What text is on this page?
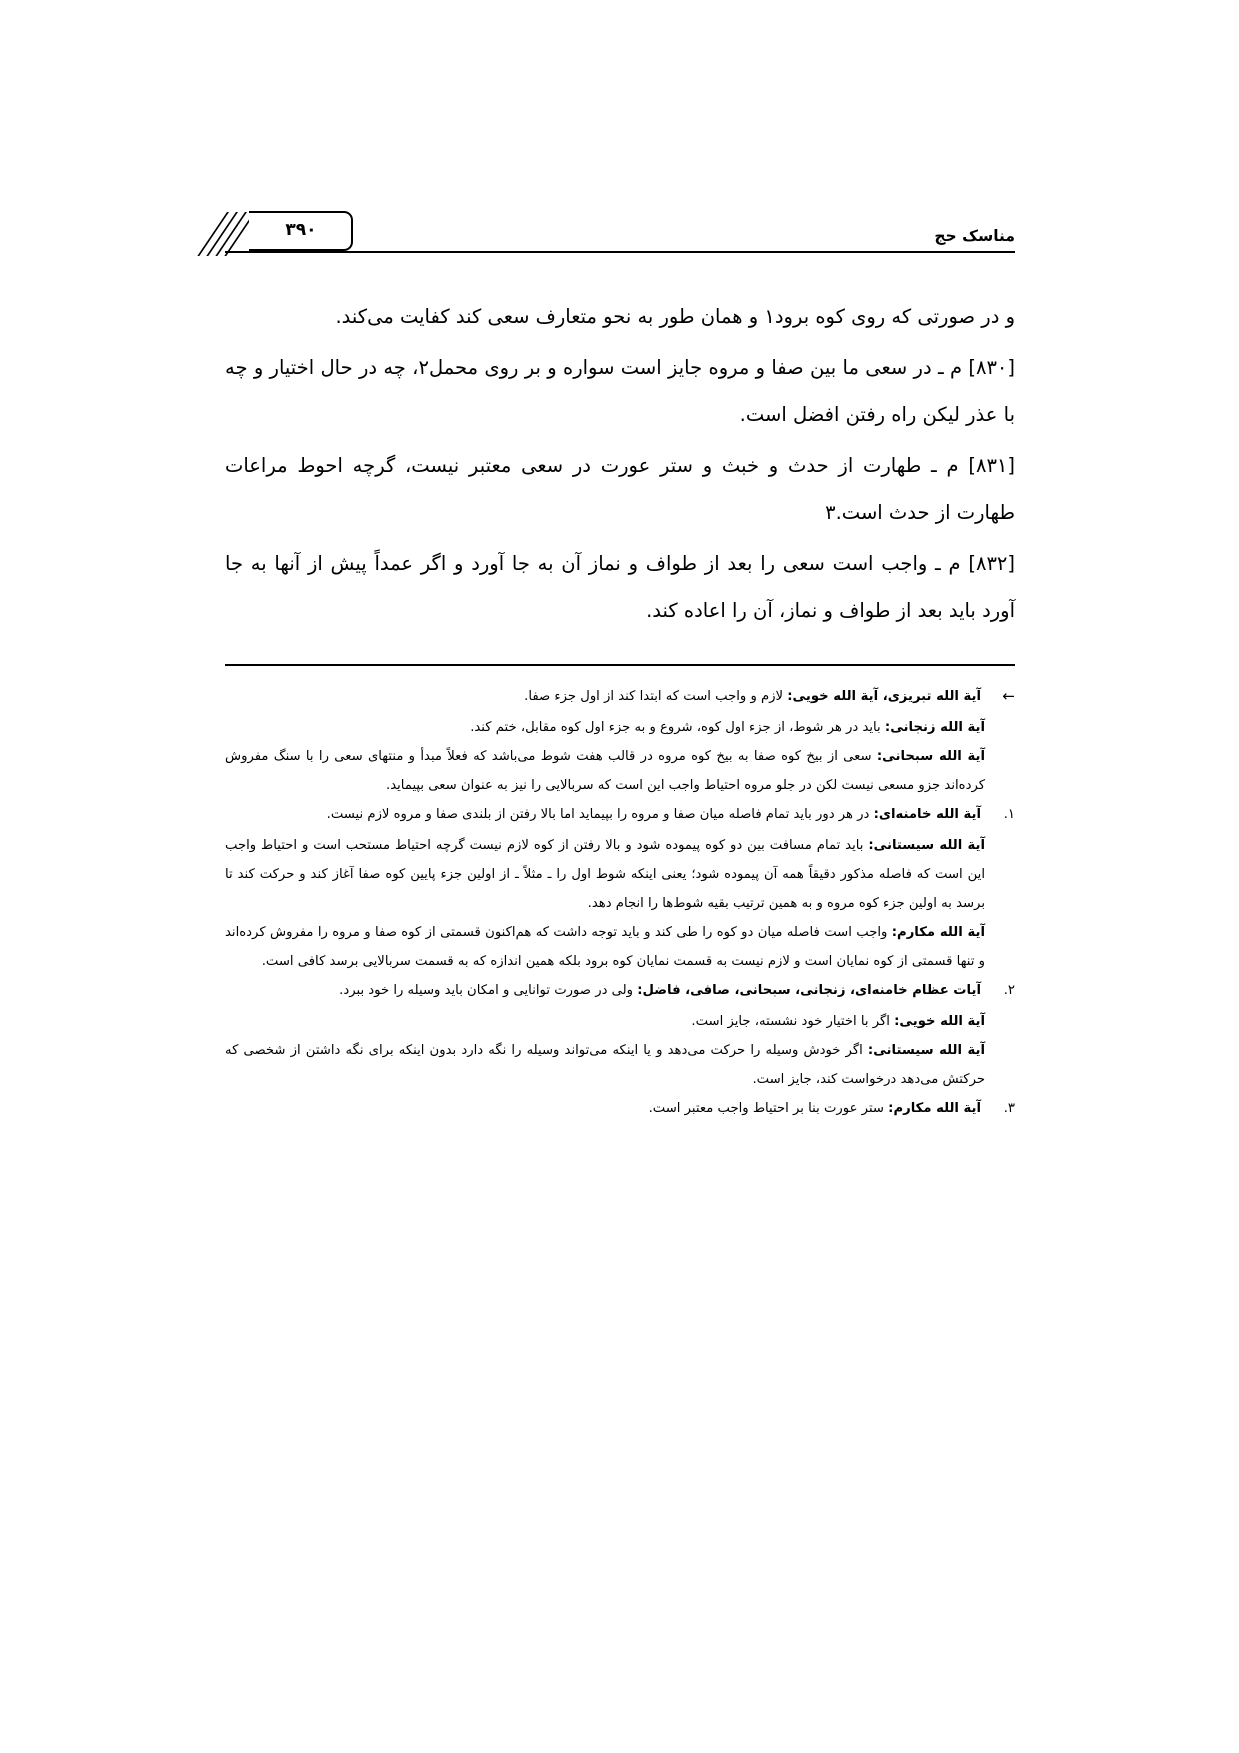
مناسک حج
۳۹۰

و در صورتی که روی کوه برود۱ و همان طور به نحو متعارف سعی کند کفایت می‌کند.

[۸۳۰] م ـ در سعی ما بین صفا و مروه جایز است سواره و بر روی محمل۲، چه در حال اختیار و چه با عذر لیکن راه رفتن افضل است.

[۸۳۱] م ـ طهارت از حدث و خبث و ستر عورت در سعی معتبر نیست، گرچه احوط مراعات طهارت از حدث است.۳

[۸۳۲] م ـ واجب است سعی را بعد از طواف و نماز آن به جا آورد و اگر عمداً پیش از آنها به جا آورد باید بعد از طواف و نماز، آن را اعاده کند.

←
آیة الله تبریزی، آیة الله خویی: لازم و واجب است که ابتدا کند از اول جزء صفا.
آیة الله زنجانی: باید در هر شوط، از جزء اول کوه، شروع و به جزء اول کوه مقابل، ختم کند.
آیة الله سبحانی: سعی از بیخ کوه صفا به بیخ کوه مروه در قالب هفت شوط می‌باشد که فعلاً مبدأ و منتهای سعی را با سنگ مفروش کرده‌اند جزو مسعی نیست لکن در جلو مروه احتیاط واجب این است که سربالایی را نیز به عنوان سعی بپیماید.
۱.
آیة الله خامنه‌ای: در هر دور باید تمام فاصله میان صفا و مروه را بپیماید اما بالا رفتن از بلندی صفا و مروه لازم نیست.
آیة الله سیستانی: باید تمام مسافت بین دو کوه پیموده شود و بالا رفتن از کوه لازم نیست گرچه احتیاط مستحب است و احتیاط واجب این است که فاصله مذکور دقیقاً همه آن پیموده شود؛ یعنی اینکه شوط اول را ـ مثلاً ـ از اولین جزء پایین کوه صفا آغاز کند و حرکت کند تا برسد به اولین جزء کوه مروه و به همین ترتیب بقیه شوط‌ها را انجام دهد.
آیة الله مکارم: واجب است فاصله میان دو کوه را طی کند و باید توجه داشت که هم‌اکنون قسمتی از کوه صفا و مروه را مفروش کرده‌اند و تنها قسمتی از کوه نمایان است و لازم نیست به قسمت نمایان کوه برود بلکه همین اندازه که به قسمت سربالایی برسد کافی است.
۲.
آیات عظام خامنه‌ای، زنجانی، سبحانی، صافی، فاضل: ولی در صورت توانایی و امکان باید وسیله را خود ببرد.
آیة الله خویی: اگر با اختیار خود نشسته، جایز است.
آیة الله سیستانی: اگر خودش وسیله را حرکت می‌دهد و یا اینکه می‌تواند وسیله را نگه دارد بدون اینکه برای نگه داشتن از شخصی که حرکتش می‌دهد درخواست کند، جایز است.
۳.
آیة الله مکارم: ستر عورت بنا بر احتیاط واجب معتبر است.
